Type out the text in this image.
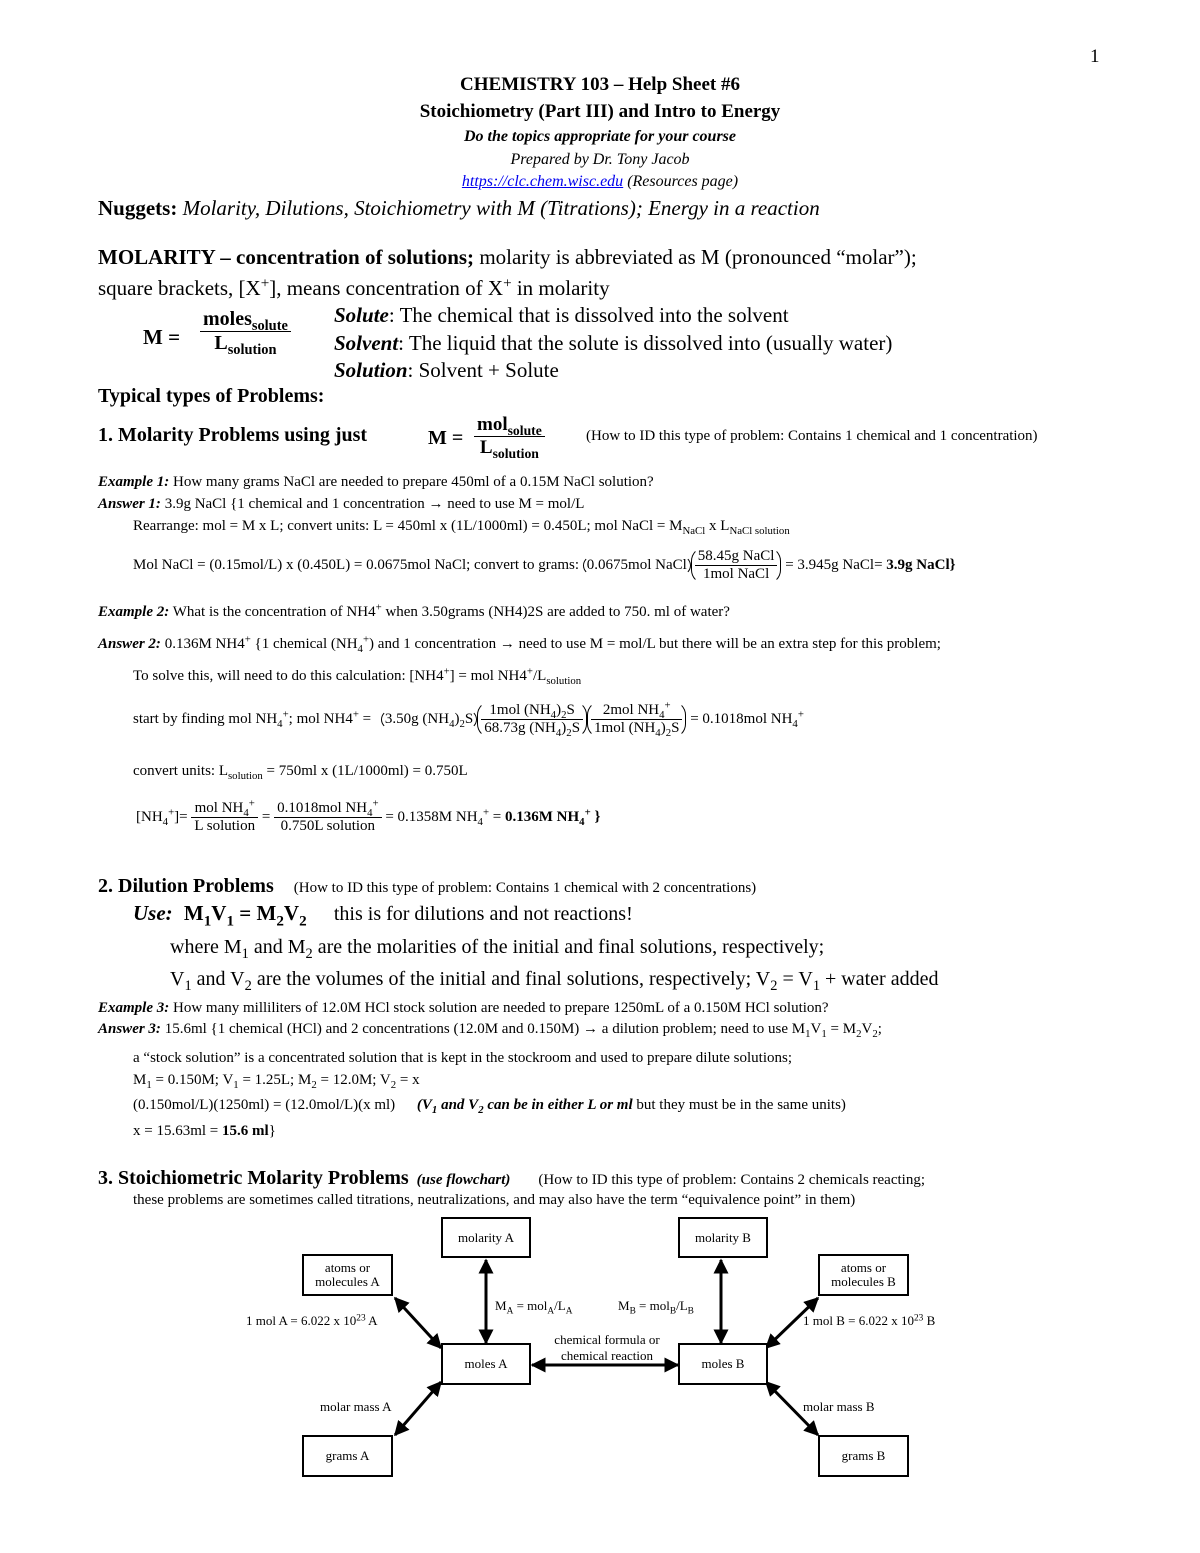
1
CHEMISTRY 103 – Help Sheet #6
Stoichiometry (Part III) and Intro to Energy
Do the topics appropriate for your course
Prepared by Dr. Tony Jacob
https://clc.chem.wisc.edu (Resources page)
Nuggets: Molarity, Dilutions, Stoichiometry with M (Titrations); Energy in a reaction
MOLARITY – concentration of solutions; molarity is abbreviated as M (pronounced “molar”);
square brackets, [X+], means concentration of X+ in molarity
$M = \frac{moles_{solute}}{L_{solution}}$ Solute: The chemical that is dissolved into the solvent
Solvent: The liquid that the solute is dissolved into (usually water)
Solution: Solvent + Solute
Typical types of Problems:
1. Molarity Problems using just	$M = \frac{mol_{solute}}{L_{solution}}$	(How to ID this type of problem: Contains 1 chemical and 1 concentration)
Example 1: How many grams NaCl are needed to prepare 450ml of a 0.15M NaCl solution?
Answer 1: 3.9g NaCl {1 chemical and 1 concentration → need to use M = mol/L
Rearrange: mol = M x L; convert units: L = 450ml x (1L/1000ml) = 0.450L; mol NaCl = $M_{NaCl}$ x $L_{NaCl solution}$
Mol NaCl = (0.15mol/L) x (0.450L) = 0.0675mol NaCl; convert to grams: 0.0675mol NaCl $\frac{\text{58.45g NaCl}}{\text{1mol NaCl}} = 3.945g$ NaCl= 3.9g NaCl}
Example 2: What is the concentration of NH4+ when 3.50grams (NH4)2S are added to 750. ml of water?
Answer 2: 0.136M NH4+ {1 chemical $(NH_4^+)$ and 1 concentration → need to use M = mol/L but there will be an extra step for this problem;
To solve this, will need to do this calculation: [NH4+] = mol $NH4^+/L_{solution}$
start by finding mol $NH_4^+$; mol NH4+ = 3.50g $(NH_4)_2S \frac{1mol (NH_4)_2S}{68.73g (NH_4)_2S} \frac{2mol NH_4^+}{1mol (NH_4)_2S} = 0.1018mol$ $NH_4^+$
convert units: $L_{solution} = 750ml$ x (1L/1000ml) = 0.750L
$[NH_4^+]= \frac{mol NH_4^+}{\text{L solution}} = \frac{0.1018mol NH_4^+}{\text{0.750L solution}} = 0.1358M$ $NH_4^+ = 0.136M$ $NH_4^+$ }
2. Dilution Problems (How to ID this type of problem: Contains 1 chemical with 2 concentrations)
Use: $M_1V_1 = M_2V_2$ this is for dilutions and not reactions!
where $M_1$ and $M_2$ are the molarities of the initial and final solutions, respectively;
$V_1$ and $V_2$ are the volumes of the initial and final solutions, respectively; $V_2 = V_1$ + water added
Example 3: How many milliliters of 12.0M HCl stock solution are needed to prepare 1250mL of a 0.150M HCl solution?
Answer 3: 15.6ml {1 chemical (HCl) and 2 concentrations (12.0M and 0.150M) → a dilution problem; need to use $M_1V_1 = M_2V_2$;
a “stock solution” is a concentrated solution that is kept in the stockroom and used to prepare dilute solutions;
$M_1 = 0.150M$; $V_1 = 1.25L$; $M_2 = 12.0M$; $V_2 = x$
(0.150mol/L)(1250ml) = (12.0mol/L)(x ml) ($V_1$ and $V_2$ can be in either L or ml but they must be in the same units)
x = 15.63ml = 15.6 ml}
3. Stoichiometric Molarity Problems (use flowchart) (How to ID this type of problem: Contains 2 chemicals reacting;
these problems are sometimes called titrations, neutralizations, and may also have the term “equivalence point” in them)
molarity A	molarity B
atoms or
molecules A
atoms or
molecules B
moles A	moles B
grams A	grams B
1 mol A = 6.022 x $10^{23}$ A	1 mol B = 6.022 x $10^{23}$ B
$M_A = mol_A/L_A$	$M_B = mol_B/L_B$
chemical formula or
chemical reaction
molar mass A	molar mass B
